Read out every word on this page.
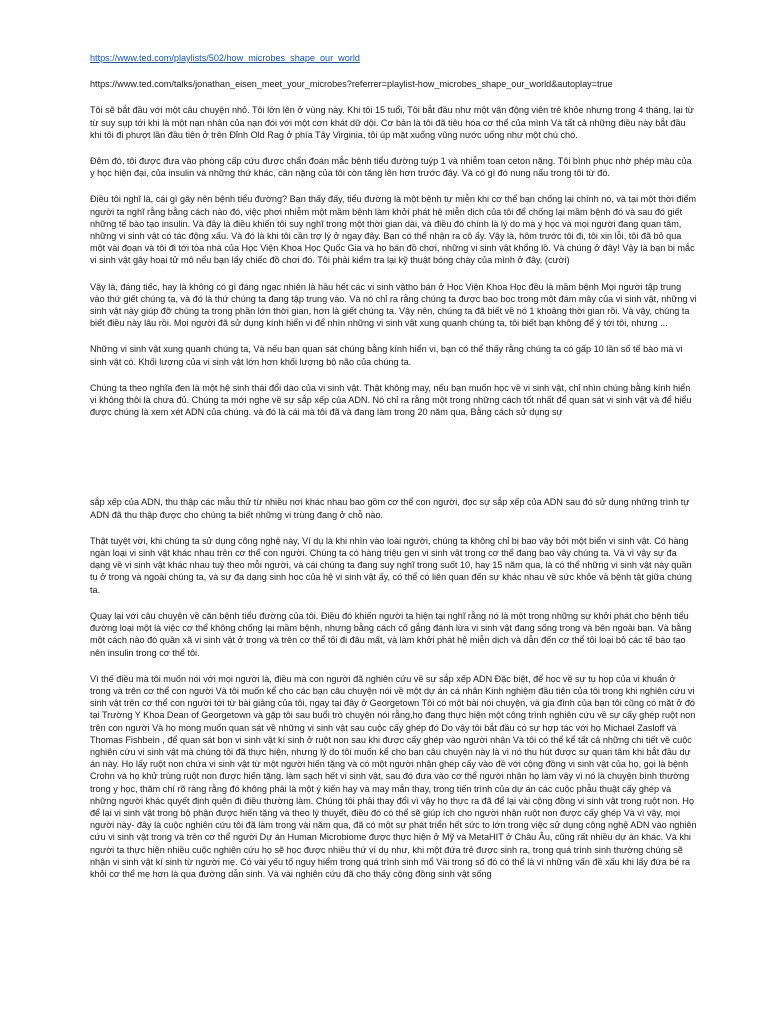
https://www.ted.com/playlists/502/how_microbes_shape_our_world
https://www.ted.com/talks/jonathan_eisen_meet_your_microbes?referrer=playlist-how_microbes_shape_our_world&autoplay=true

Tôi sẽ bắt đầu với một câu chuyện nhỏ. Tôi lớn lên ở vùng này. Khi tôi 15 tuổi, Tôi bắt đầu như một vận động viên trẻ khỏe nhưng trong 4 tháng, lại từ từ suy sụp tới khi là một nạn nhân của nạn đói với một cơn khát dữ dội. Cơ bản là tôi đã tiêu hóa cơ thể của mình Và tất cả những điều này bắt đầu khi tôi đi phượt lần đầu tiên ở trên Đỉnh Old Rag ở phía Tây Virginia, tôi úp mặt xuống vũng nước uống như một chú chó.

Đêm đó, tôi được đưa vào phòng cấp cứu được chẩn đoán mắc bệnh tiểu đường tuýp 1 và nhiễm toan ceton nặng. Tôi bình phục nhờ phép màu của y học hiện đại, của insulin và những thứ khác, cân nặng của tôi còn tăng lên hơn trước đây. Và có gì đó nung nấu trong tôi từ đó.

Điều tôi nghĩ là, cái gì gây nên bệnh tiểu đường? Bạn thấy đấy, tiểu đường là một bệnh tự miễn khi cơ thể bạn chống lại chính nó, và tại một thời điểm người ta nghĩ rằng bằng cách nào đó, việc phơi nhiễm một mầm bệnh làm khởi phát hệ miễn dịch của tôi để chống lại mầm bệnh đó và sau đó giết những tế bào tạo insulin. Và đây là điều khiến tôi suy nghĩ trong một thời gian dài, và điều đó chính là lý do mà y học và mọi người đang quan tâm, những vi sinh vật có tác động xấu. Và đó là khi tôi cần trợ lý ở ngay đây. Bạn có thể nhận ra cô ấy. Vậy là, hôm trước tôi đi, tôi xin lỗi, tôi đã bỏ qua một vài đoạn và tôi đi tới tòa nhà của Học Viện Khoa Học Quốc Gia và họ bán đồ chơi, những vi sinh vật khổng lồ. Và chúng ở đây! Vậy là bạn bị mắc vi sinh vật gây hoại tử mô nếu bạn lấy chiếc đồ chơi đó. Tôi phải kiểm tra lại kỹ thuật bóng chày của mình ở đây. (cười)

Vậy là, đáng tiếc, hay là không có gì đáng ngạc nhiên là hầu hết các vi sinh vậtho bán ở Học Viện Khoa Học đều là mầm bệnh Mọi người tập trung vào thứ giết chúng ta, và đó là thứ chúng ta đang tập trung vào. Và nó chỉ ra rằng chúng ta được bao bọc trong một đám mây của vi sinh vật, những vi sinh vật này giúp đỡ chúng ta trong phần lớn thời gian, hơn là giết chúng ta. Vậy nên, chúng ta đã biết về nó 1 khoảng thời gian rồi. Và vậy, chúng ta biết điều này lâu rồi. Mọi người đã sử dụng kính hiển vi để nhìn những vi sinh vật xung quanh chúng ta, tôi biết bạn không để ý tới tôi, nhưng ...

Những vi sinh vật xung quanh chúng ta, Và nếu bạn quan sát chúng bằng kính hiển vi, bạn có thể thấy rằng chúng ta có gấp 10 lần số tế bào mà vi sinh vật có. Khối lượng của vi sinh vật lớn hơn khối lượng bộ não của chúng ta.

Chúng ta theo nghĩa đen là một hệ sinh thái đổi dào của vi sinh vật. Thật không may, nếu bạn muốn học về vi sinh vật, chỉ nhìn chúng bằng kính hiển vi không thôi là chưa đủ. Chúng ta mới nghe về sự sắp xếp của ADN. Nó chỉ ra rằng một trong những cách tốt nhất để quan sát vi sinh vật và để hiểu được chúng là xem xét ADN của chúng. và đó là cái mà tôi đã và đang làm trong 20 năm qua, Bằng cách sử dụng sự

sắp xếp của ADN, thu thập các mẫu thử từ nhiều nơi khác nhau bao gồm cơ thể con người, đọc sự sắp xếp của ADN sau đó sử dụng những trình tự ADN đã thu thập được cho chúng ta biết những vi trùng đang ở chỗ nào.

Thật tuyệt vời, khi chúng ta sử dụng công nghệ này, Ví dụ là khi nhìn vào loài người, chúng ta không chỉ bị bao vây bởi một biển vi sinh vật. Có hàng ngàn loại vi sinh vật khác nhau trên cơ thể con người. Chúng ta có hàng triệu gen vi sinh vật trong cơ thể đang bao vây chúng ta. Và vì vậy sự đa dạng về vi sinh vật khác nhau tuỳ theo mỗi người, và cái chúng ta đang suy nghĩ trong suốt 10, hay 15 năm qua, là có thể những vi sinh vật này quần tụ ở trong và ngoài chúng ta, và sự đa dạng sinh học của hệ vi sinh vật ấy, có thể có liên quan đến sự khác nhau về sức khỏe và bệnh tật giữa chúng ta.

Quay lại với câu chuyện về căn bệnh tiểu đường của tôi. Điều đó khiến người ta hiện tại nghĩ rằng nó là một trong những sự khởi phát cho bệnh tiểu đường loại một là việc cơ thể không chống lại mầm bệnh, nhưng bằng cách cố gắng đánh lừa vi sinh vật đang sống trong và bên ngoài bạn. Và bằng một cách nào đó quần xã vi sinh vật ở trong và trên cơ thể tôi đi đâu mất, và làm khởi phát hệ miễn dịch và dẫn đến cơ thể tôi loại bỏ các tế bào tạo nên insulin trong cơ thể tôi.

Vì thế điều mà tôi muốn nói với mọi người là, điều mà con người đã nghiên cứu về sự sắp xếp ADN Đặc biệt, để học về sự tụ họp của vi khuẩn ở trong và trên cơ thể con người Và tôi muốn kể cho các bạn câu chuyện nói về một dự án cá nhân Kinh nghiệm đầu tiên của tôi trong khi nghiên cứu vi sinh vật trên cơ thể con người tới từ bài giảng của tôi, ngay tại đây ở Georgetown Tôi có một bài nói chuyện, và gia đình của bạn tôi cũng có mặt ở đó tại Trường Y Khoa Dean of Georgetown và gặp tôi sau buổi trò chuyện nói rằng,họ đang thực hiện một công trình nghiên cứu về sự cấy ghép ruột non trên con người Và họ mong muốn quan sát về những vi sinh vật sau cuộc cấy ghép đó Do vậy tôi bắt đầu có sự hợp tác với họ Michael Zasloff và Thomas Fishbein , để quan sát bọn vi sinh vật kí sinh ở ruột non sau khi được cấy ghép vào người nhận Và tôi có thể kể tất cả những chi tiết về cuộc nghiên cứu vi sinh vật mà chúng tôi đã thực hiện, nhưng lý do tôi muốn kể cho bạn câu chuyện này là vì nó thu hút được sự quan tâm khi bắt đầu dự án này. Họ lấy ruột non chứa vi sinh vật từ một người hiến tặng và có một người nhận ghép cấy vào đề với cộng đồng vi sinh vật của họ, gọi là bệnh Crohn và họ khử trùng ruột non được hiến tặng. làm sạch hết vi sinh vật, sau đó đưa vào cơ thể người nhận họ làm vậy vì nó là chuyện bình thường trong y học, thăm chí rõ ràng rằng đó không phải là một ý kiến hay và may mắn thay, trong tiến trình của dự án các cuộc phẫu thuật cấy ghép và những người khác quyết định quên đi điều thường làm. Chúng tôi phải thay đổi vì vậy họ thực ra đã để lại vài cộng đồng vi sinh vật trong ruột non. Họ để lại vi sinh vật trong bộ phận được hiến tặng và theo lý thuyết, điều đó có thể sẽ giúp ích cho người nhận ruột non được cấy ghép Và vì vậy, mọi người này- đây là cuộc nghiên cứu tôi đã làm trong vài năm qua, đã có một sự phát triển hết sức to lớn trong việc sử dụng công nghệ ADN vào nghiên cứu vi sinh vật trong và trên cơ thể người Dự án Human Microbiome được thực hiện ở Mỹ và MetaHIT ở Châu Âu, cũng rất nhiều dự án khác. Và khi người ta thực hiện nhiều cuộc nghiên cứu họ sẽ học được nhiều thứ ví dụ như, khi một đứa trẻ được sinh ra, trong quá trình sinh thường chúng sẽ nhận vi sinh vật kí sinh từ người mẹ. Có vài yếu tố nguy hiểm trong quá trình sinh mổ Vài trong số đó có thể là vì những vấn đề xấu khi lấy đứa bé ra khỏi cơ thể mẹ hơn là qua đường dẫn sinh. Và vài nghiên cứu đã cho thấy cộng đồng sinh vật sống
